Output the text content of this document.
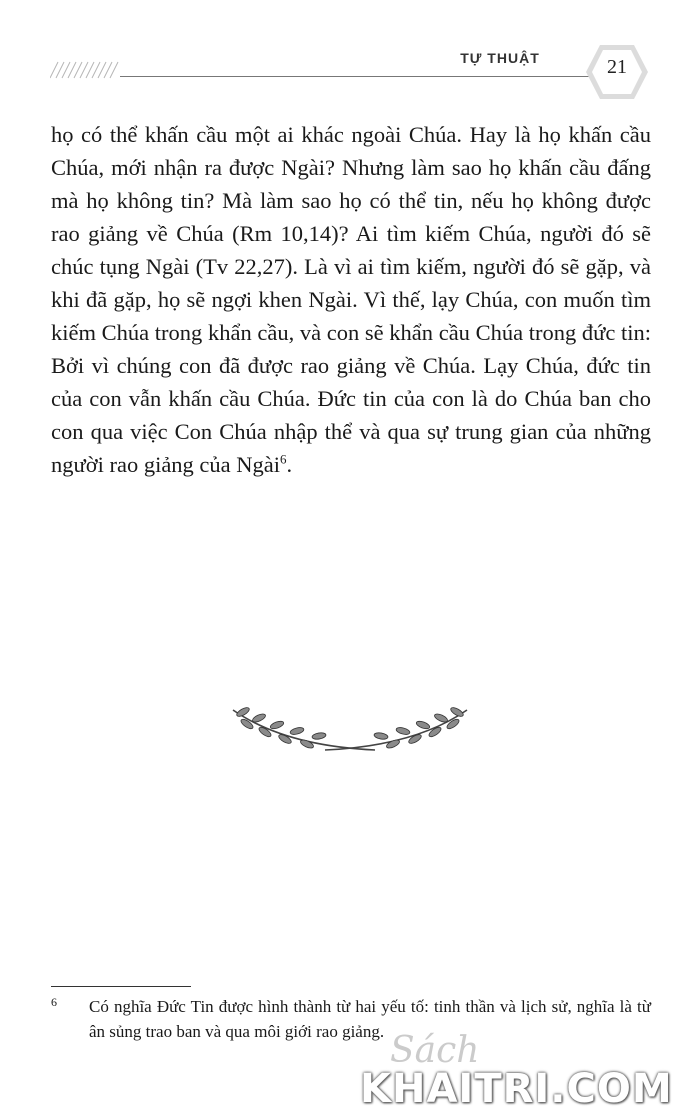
TỰ THUẬT	21

họ có thể khấn cầu một ai khác ngoài Chúa. Hay là họ khấn cầu Chúa, mới nhận ra được Ngài? Nhưng làm sao họ khấn cầu đấng mà họ không tin? Mà làm sao họ có thể tin, nếu họ không được rao giảng về Chúa (Rm 10,14)? Ai tìm kiếm Chúa, người đó sẽ chúc tụng Ngài (Tv 22,27). Là vì ai tìm kiếm, người đó sẽ gặp, và khi đã gặp, họ sẽ ngợi khen Ngài. Vì thế, lạy Chúa, con muốn tìm kiếm Chúa trong khẩn cầu, và con sẽ khẩn cầu Chúa trong đức tin: Bởi vì chúng con đã được rao giảng về Chúa. Lạy Chúa, đức tin của con vẫn khấn cầu Chúa. Đức tin của con là do Chúa ban cho con qua việc Con Chúa nhập thể và qua sự trung gian của những người rao giảng của Ngài$^6$.

6	Có nghĩa Đức Tin được hình thành từ hai yếu tố: tinh thần và lịch sử, nghĩa là từ ân sủng trao ban và qua môi giới rao giảng. Sách
KHAITRI.COM
